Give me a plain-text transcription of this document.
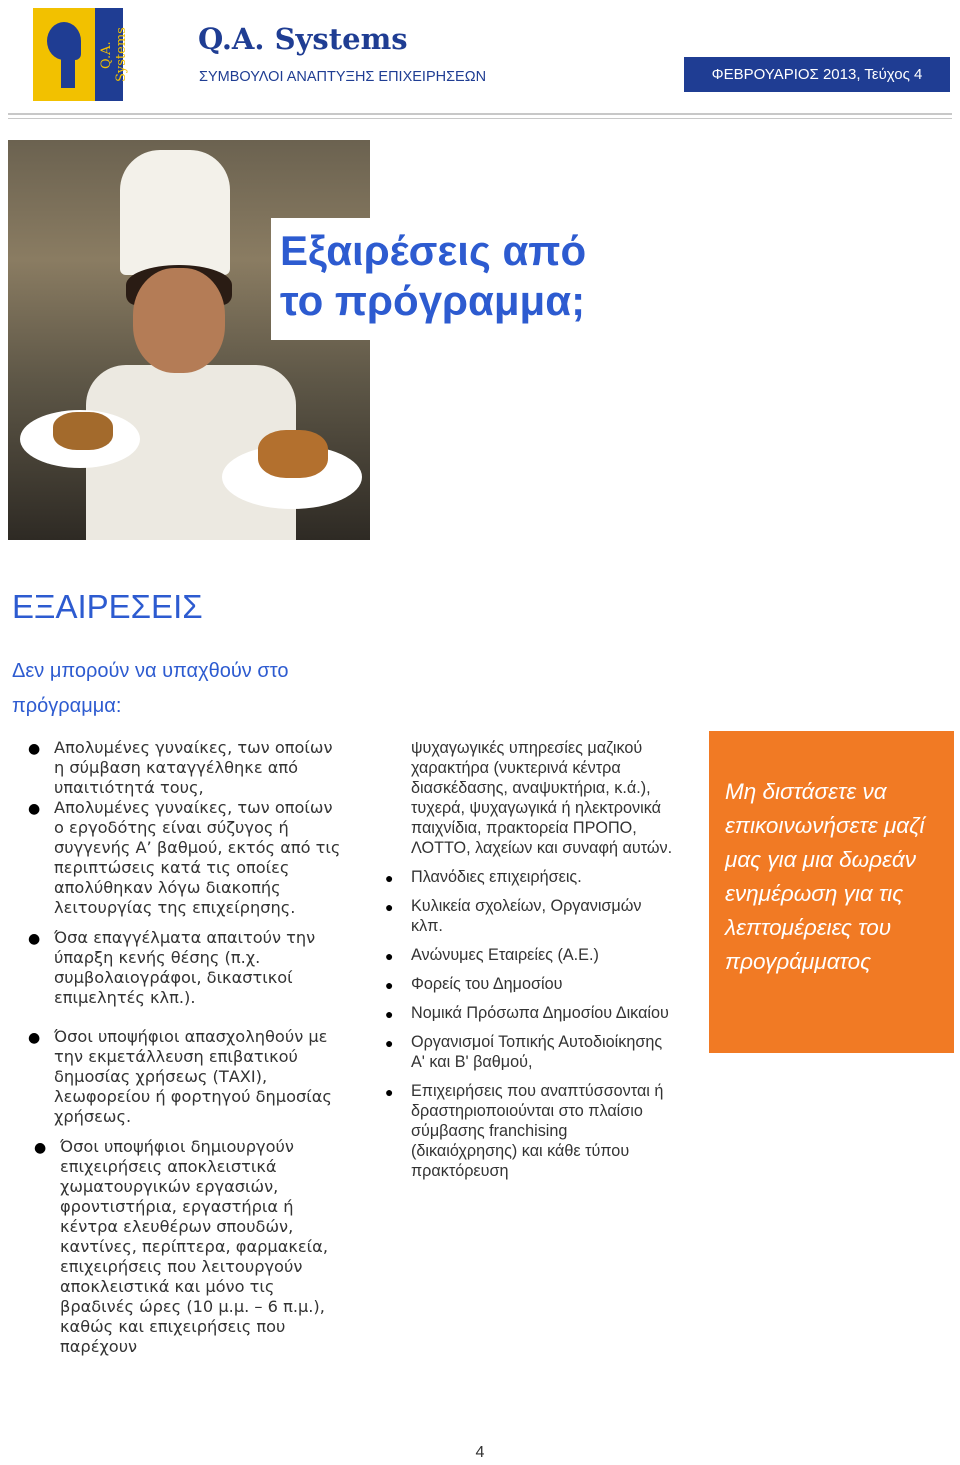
Q.A. Systems Q.A. Systems
ΣΥΜΒΟΥΛΟΙ ΑΝΑΠΤΥΞΗΣ ΕΠΙΧΕΙΡΗΣΕΩΝ	ΦΕΒΡΟΥΑΡΙΟΣ 2013, Τεύχος 4
Εξαιρέσεις από
το πρόγραμμα;
ΕΞΑΙΡΕΣΕΙΣ
Δεν μπορούν να υπαχθούν στο πρόγραμμα:
● Απολυμένες γυναίκες, των οποίων η σύμβαση καταγγέλθηκε από υπαιτιότητά τους,
● Απολυμένες γυναίκες, των οποίων ο εργοδότης είναι σύζυγος ή συγγενής Α’ βαθμού, εκτός από τις περιπτώσεις κατά τις οποίες απολύθηκαν λόγω διακοπής λειτουργίας της επιχείρησης.
● Όσα επαγγέλματα απαιτούν την ύπαρξη κενής θέσης (π.χ. συμβολαιογράφοι, δικαστικοί επιμελητές κλπ.).
● Όσοι υποψήφιοι απασχοληθούν με την εκμετάλλευση επιβατικού δημοσίας χρήσεως (ΤΑΧΙ), λεωφορείου ή φορτηγού δημοσίας χρήσεως.
● Όσοι υποψήφιοι δημιουργούν επιχειρήσεις αποκλειστικά χωματουργικών εργασιών, φροντιστήρια, εργαστήρια ή κέντρα ελευθέρων σπουδών, καντίνες, περίπτερα, φαρμακεία, επιχειρήσεις που λειτουργούν αποκλειστικά και μόνο τις βραδινές ώρες (10 μ.μ. – 6 π.μ.), καθώς και επιχειρήσεις που παρέχουν
ψυχαγωγικές υπηρεσίες μαζικού χαρακτήρα (νυκτερινά κέντρα διασκέδασης, αναψυκτήρια, κ.ά.), τυχερά, ψυχαγωγικά ή ηλεκτρονικά παιχνίδια, πρακτορεία ΠΡΟΠΟ, ΛΟΤΤΟ, λαχείων και συναφή αυτών.
● Πλανόδιες επιχειρήσεις.
● Κυλικεία σχολείων, Οργανισμών κλπ.
● Ανώνυμες Εταιρείες (Α.Ε.)
● Φορείς του Δημοσίου
● Νομικά Πρόσωπα Δημοσίου Δικαίου
● Οργανισμοί Τοπικής Αυτοδιοίκησης Α' και Β' βαθμού,
● Επιχειρήσεις που αναπτύσσονται ή δραστηριοποιούνται στο πλαίσιο σύμβασης franchising (δικαιόχρησης) και κάθε τύπου πρακτόρευση
Μη διστάσετε να επικοινωνήσετε μαζί μας για μια δωρεάν ενημέρωση για τις λεπτομέρειες του προγράμματος
4
